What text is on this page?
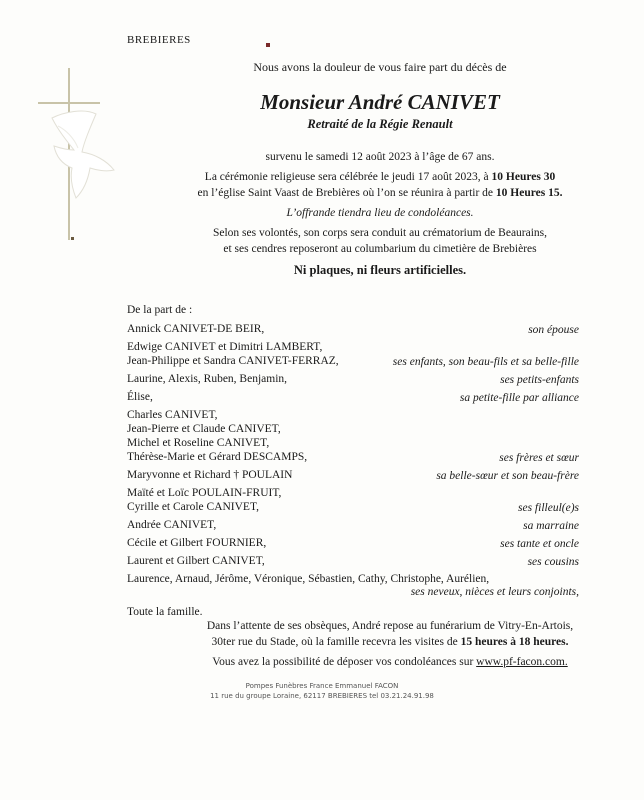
BREBIERES
Nous avons la douleur de vous faire part du décès de
Monsieur André CANIVET
Retraité de la Régie Renault
survenu le samedi 12 août 2023 à l’âge de 67 ans.
La cérémonie religieuse sera célébrée le jeudi 17 août 2023, à 10 Heures 30
en l’église Saint Vaast de Brebières où l’on se réunira à partir de 10 Heures 15.
L’offrande tiendra lieu de condoléances.
Selon ses volontés, son corps sera conduit au crématorium de Beaurains,
et ses cendres reposeront au columbarium du cimetière de Brebières
Ni plaques, ni fleurs artificielles.
De la part de :
Annick CANIVET-DE BEIR,	son épouse
Edwige CANIVET et Dimitri LAMBERT,
Jean-Philippe et Sandra CANIVET-FERRAZ,	ses enfants, son beau-fils et sa belle-fille
Laurine, Alexis, Ruben, Benjamin,	ses petits-enfants
Élise,	sa petite-fille par alliance
Charles CANIVET,
Jean-Pierre et Claude CANIVET,
Michel et Roseline CANIVET,
Thérèse-Marie et Gérard DESCAMPS,	ses frères et sœur
Maryvonne et Richard † POULAIN	sa belle-sœur et son beau-frère
Maïté et Loïc POULAIN-FRUIT,
Cyrille et Carole CANIVET,	ses filleul(e)s
Andrée CANIVET,	sa marraine
Cécile et Gilbert FOURNIER,	ses tante et oncle
Laurent et Gilbert CANIVET,	ses cousins
Laurence, Arnaud, Jérôme, Véronique, Sébastien, Cathy, Christophe, Aurélien,
ses neveux, nièces et leurs conjoints,
Toute la famille.
Dans l’attente de ses obsèques, André repose au funérarium de Vitry-En-Artois,
30ter rue du Stade, où la famille recevra les visites de 15 heures à 18 heures.
Vous avez la possibilité de déposer vos condoléances sur www.pf-facon.com.
Pompes Funèbres France Emmanuel FACON
11 rue du groupe Loraine, 62117 BREBIERES tel 03.21.24.91.98
